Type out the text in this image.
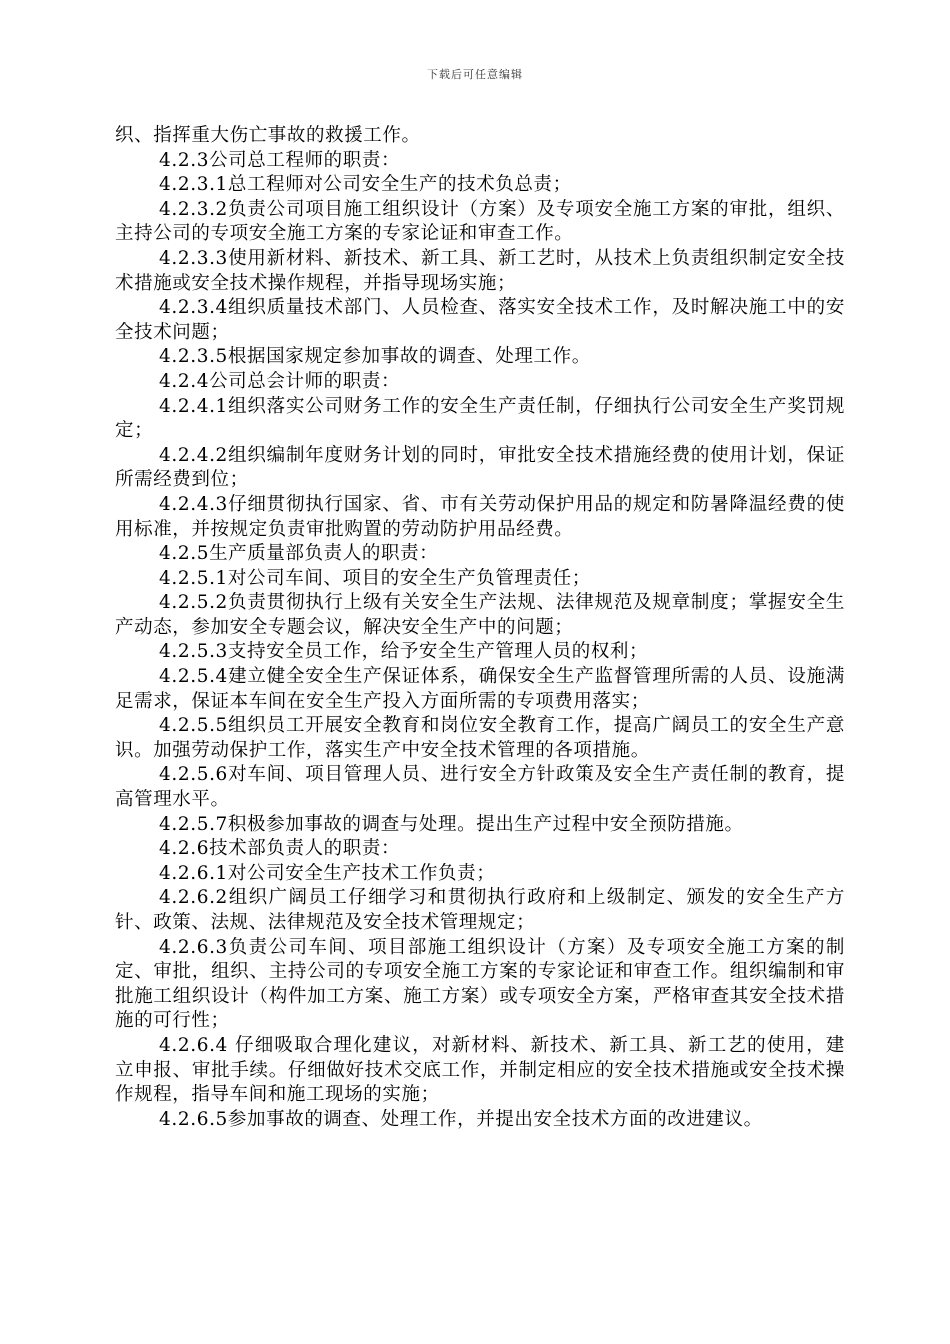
下载后可任意编辑

织、指挥重大伤亡事故的救援工作。

4.2.3公司总工程师的职责：

4.2.3.1总工程师对公司安全生产的技术负总责；

4.2.3.2负责公司项目施工组织设计（方案）及专项安全施工方案的审批，组织、主持公司的专项安全施工方案的专家论证和审查工作。

4.2.3.3使用新材料、新技术、新工具、新工艺时，从技术上负责组织制定安全技术措施或安全技术操作规程，并指导现场实施；

4.2.3.4组织质量技术部门、人员检查、落实安全技术工作，及时解决施工中的安全技术问题；

4.2.3.5根据国家规定参加事故的调查、处理工作。

4.2.4公司总会计师的职责：

4.2.4.1组织落实公司财务工作的安全生产责任制，仔细执行公司安全生产奖罚规定；

4.2.4.2组织编制年度财务计划的同时，审批安全技术措施经费的使用计划，保证所需经费到位；

4.2.4.3仔细贯彻执行国家、省、市有关劳动保护用品的规定和防暑降温经费的使用标准，并按规定负责审批购置的劳动防护用品经费。

4.2.5生产质量部负责人的职责：

4.2.5.1对公司车间、项目的安全生产负管理责任；

4.2.5.2负责贯彻执行上级有关安全生产法规、法律规范及规章制度；掌握安全生产动态，参加安全专题会议，解决安全生产中的问题；

4.2.5.3支持安全员工作，给予安全生产管理人员的权利；

4.2.5.4建立健全安全生产保证体系，确保安全生产监督管理所需的人员、设施满足需求，保证本车间在安全生产投入方面所需的专项费用落实；

4.2.5.5组织员工开展安全教育和岗位安全教育工作，提高广阔员工的安全生产意识。加强劳动保护工作，落实生产中安全技术管理的各项措施。

4.2.5.6对车间、项目管理人员、进行安全方针政策及安全生产责任制的教育，提高管理水平。

4.2.5.7积极参加事故的调查与处理。提出生产过程中安全预防措施。

4.2.6技术部负责人的职责：

4.2.6.1对公司安全生产技术工作负责；

4.2.6.2组织广阔员工仔细学习和贯彻执行政府和上级制定、颁发的安全生产方针、政策、法规、法律规范及安全技术管理规定；

4.2.6.3负责公司车间、项目部施工组织设计（方案）及专项安全施工方案的制定、审批，组织、主持公司的专项安全施工方案的专家论证和审查工作。组织编制和审批施工组织设计（构件加工方案、施工方案）或专项安全方案，严格审查其安全技术措施的可行性；

4.2.6.4 仔细吸取合理化建议，对新材料、新技术、新工具、新工艺的使用，建立申报、审批手续。仔细做好技术交底工作，并制定相应的安全技术措施或安全技术操作规程，指导车间和施工现场的实施；

4.2.6.5参加事故的调查、处理工作，并提出安全技术方面的改进建议。
